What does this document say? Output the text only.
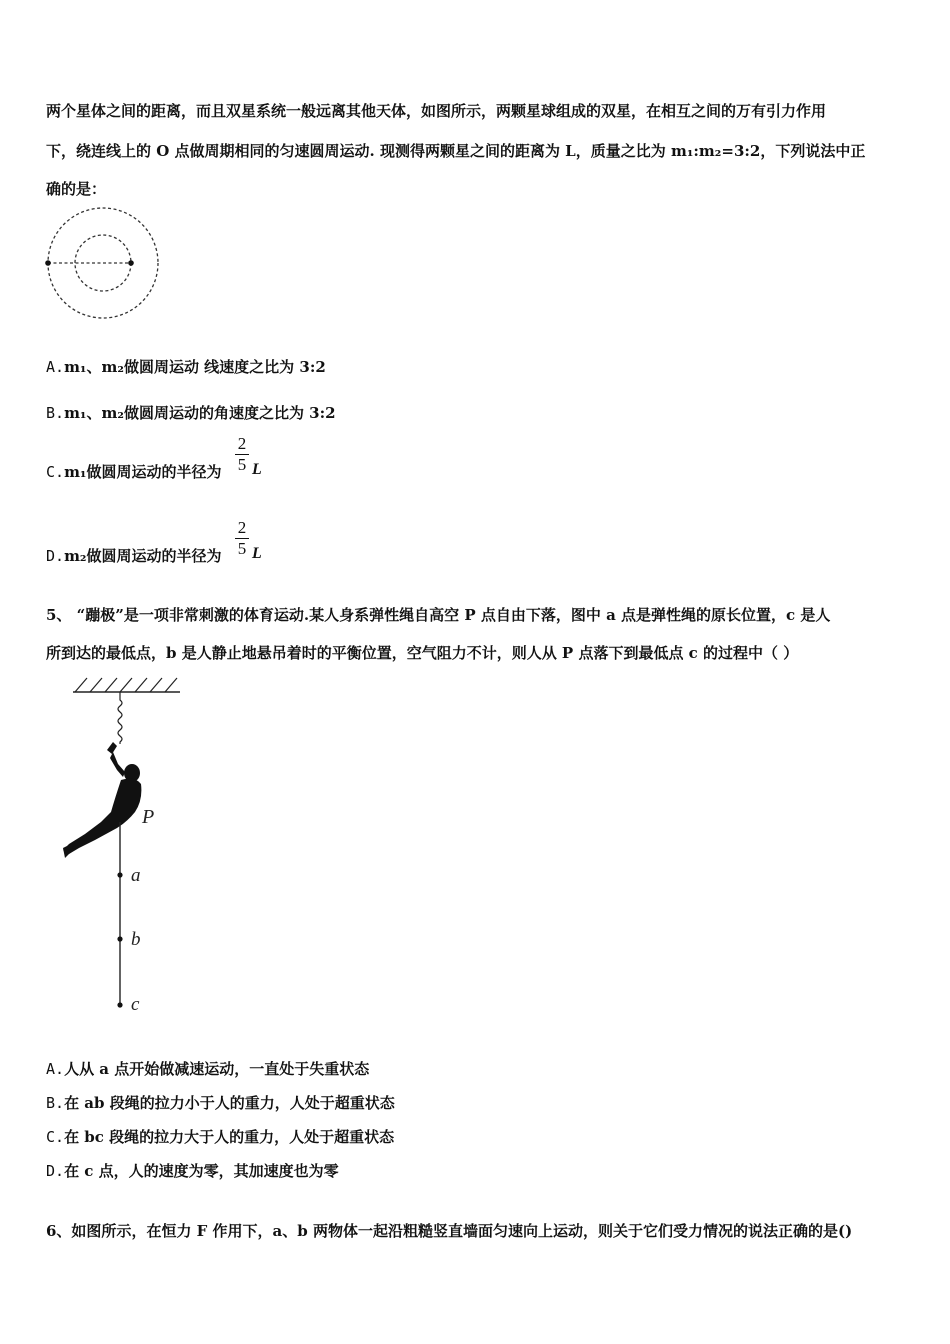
两个星体之间的距离，而且双星系统一般远离其他天体，如图所示，两颗星球组成的双星，在相互之间的万有引力作用
下，绕连线上的 O 点做周期相同的匀速圆周运动. 现测得两颗星之间的距离为 L，质量之比为 m₁:m₂=3:2，下列说法中正
确的是：
A.m₁、m₂做圆周运动 线速度之比为 3:2
B.m₁、m₂做圆周运动的角速度之比为 3:2
C.m₁做圆周运动的半径为 $\frac{2}{5}$ L
D.m₂做圆周运动的半径为 $\frac{2}{5}$ L
5、 “蹦极”是一项非常刺激的体育运动.某人身系弹性绳自高空 P 点自由下落，图中 a 点是弹性绳的原长位置，c 是人
所到达的最低点，b 是人静止地悬吊着时的平衡位置，空气阻力不计，则人从 P 点落下到最低点 c 的过程中（ ）
P
a
b
c
A.人从 a 点开始做减速运动，一直处于失重状态
B.在 ab 段绳的拉力小于人的重力，人处于超重状态
C.在 bc 段绳的拉力大于人的重力，人处于超重状态
D.在 c 点，人的速度为零，其加速度也为零
6、如图所示，在恒力 F 作用下，a、b 两物体一起沿粗糙竖直墙面匀速向上运动，则关于它们受力情况的说法正确的是()
